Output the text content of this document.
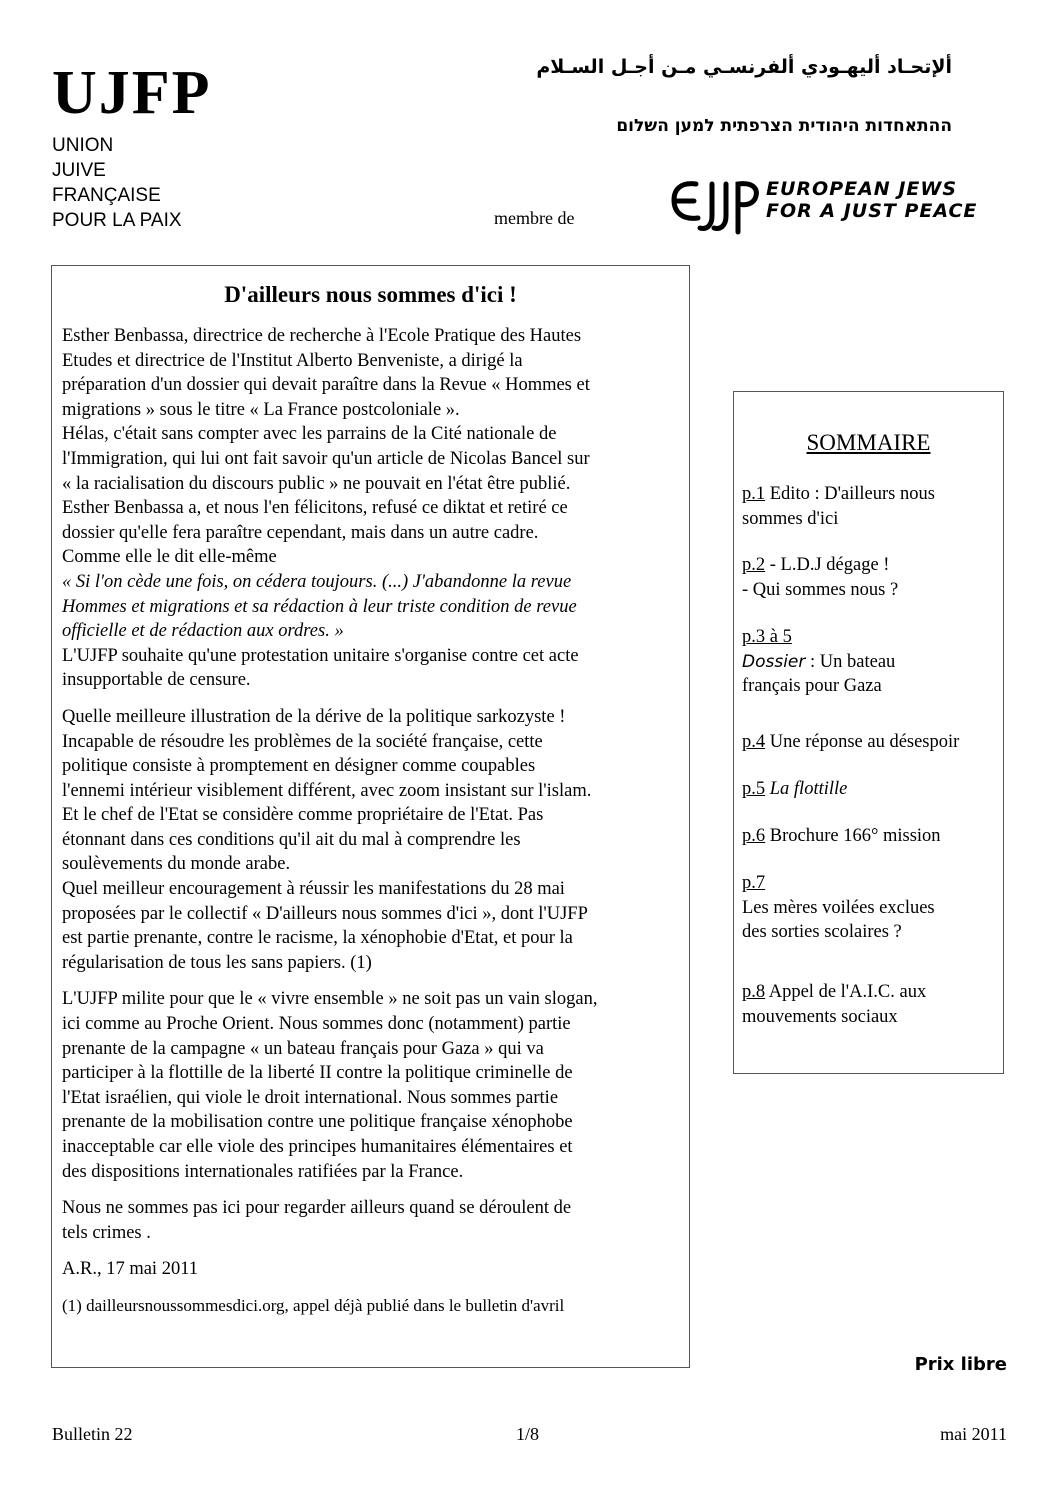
UJFP
UNION
JUIVE
FRANÇAISE
POUR LA PAIX
ألإتحـاد أليهـودي ألفرنسـي مـن أجـل السـلام
ההתאחדות היהודית הצרפתית למען השלום
membre de
EUROPEAN JEWS
FOR A JUST PEACE
D'ailleurs nous sommes d'ici !

Esther Benbassa, directrice de recherche à l'Ecole Pratique des Hautes
Etudes et directrice de l'Institut Alberto Benveniste, a dirigé la
préparation d'un dossier qui devait paraître dans la Revue « Hommes et
migrations » sous le titre « La France postcoloniale ».
Hélas, c'était sans compter avec les parrains de la Cité nationale de
l'Immigration, qui lui ont fait savoir qu'un article de Nicolas Bancel sur
« la racialisation du discours public » ne pouvait en l'état être publié.
Esther Benbassa a, et nous l'en félicitons, refusé ce diktat et retiré ce
dossier qu'elle fera paraître cependant, mais dans un autre cadre.
Comme elle le dit elle-même
« Si l'on cède une fois, on cédera toujours. (...) J'abandonne la revue
Hommes et migrations et sa rédaction à leur triste condition de revue
officielle et de rédaction aux ordres. »
L'UJFP souhaite qu'une protestation unitaire s'organise contre cet acte
insupportable de censure.

Quelle meilleure illustration de la dérive de la politique sarkozyste !
Incapable de résoudre les problèmes de la société française, cette
politique consiste à promptement en désigner comme coupables
l'ennemi intérieur visiblement différent, avec zoom insistant sur l'islam.
Et le chef de l'Etat se considère comme propriétaire de l'Etat. Pas
étonnant dans ces conditions qu'il ait du mal à comprendre les
soulèvements du monde arabe.
Quel meilleur encouragement à réussir les manifestations du 28 mai
proposées par le collectif « D'ailleurs nous sommes d'ici », dont l'UJFP
est partie prenante, contre le racisme, la xénophobie d'Etat, et pour la
régularisation de tous les sans papiers. (1)

L'UJFP milite pour que le « vivre ensemble » ne soit pas un vain slogan,
ici comme au Proche Orient. Nous sommes donc (notamment) partie
prenante de la campagne « un bateau français pour Gaza » qui va
participer à la flottille de la liberté II contre la politique criminelle de
l'Etat israélien, qui viole le droit international. Nous sommes partie
prenante de la mobilisation contre une politique française xénophobe
inacceptable car elle viole des principes humanitaires élémentaires et
des dispositions internationales ratifiées par la France.

Nous ne sommes pas ici pour regarder ailleurs quand se déroulent de
tels crimes .

A.R., 17 mai 2011

(1) dailleursnoussommesdici.org, appel déjà publié dans le bulletin d'avril

SOMMAIRE
p.1 Edito : D'ailleurs nous
sommes d'ici
p.2 - L.D.J dégage !
- Qui sommes nous ?
p.3 à 5
Dossier : Un bateau
français pour Gaza
p.4 Une réponse au désespoir
p.5 La flottille
p.6 Brochure 166° mission
p.7
Les mères voilées exclues
des sorties scolaires ?
p.8 Appel de l'A.I.C. aux
mouvements sociaux
Prix libre
Bulletin 22	1/8	mai 2011
